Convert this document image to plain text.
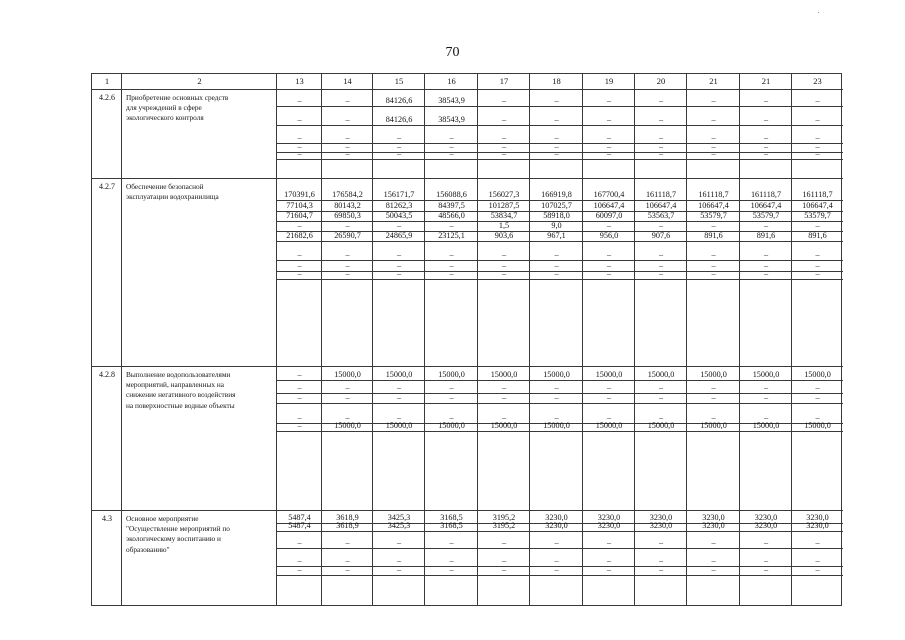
70
1	2	13	14	15	16	17	18	19	20	21	21	23
4.2.6	Приобретение основных средств
для учреждений в сфере
экологического контроля
–	–	84126,6	38543,9	–	–	–	–	–	–	–
–	–	84126,6	38543,9	–	–	–	–	–	–	–
–	–	–	–	–	–	–	–	–	–	–
–	–	–	–	–	–	–	–	–	–	–
–	–	–	–	–	–	–	–	–	–	–
4.2.7	Обеспечение безопасной
эксплуатации водохранилища	170391,6	176584,2	156171,7	156088,6	156027,3	166919,8	167700,4	161118,7	161118,7	161118,7	161118,7
77104,3	80143,2	81262,3	84397,5	101287,5	107025,7	106647,4	106647,4	106647,4	106647,4	106647,4
71604,7	69850,3	50043,5	48566,0	53834,7	58918,0	60097,0	53563,7	53579,7	53579,7	53579,7
–	–	–	–	1,5	9,0	–	–	–	–	–
21682,6	26590,7	24865,9	23125,1	903,6	967,1	956,0	907,6	891,6	891,6	891,6
–	–	–	–	–	–	–	–	–	–	–
–	–	–	–	–	–	–	–	–	–	–
–	–	–	–	–	–	–	–	–	–	–
4.2.8	Выполнение водопользователями
мероприятий, направленных на
снижение негативного воздействия
на поверхностные водные объекты
–	15000,0	15000,0	15000,0	15000,0	15000,0	15000,0	15000,0	15000,0	15000,0	15000,0
–	–	–	–	–	–	–	–	–	–	–
–	–	–	–	–	–	–	–	–	–	–
–	–	–	–	–	–	–	–	–	–	–
–	15000,0	15000,0	15000,0	15000,0	15000,0	15000,0	15000,0	15000,0	15000,0	15000,0
4.3	Основное мероприятие
"Осуществление мероприятий по
экологическому воспитанию и
образованию"
5487,4	3618,9	3425,3	3168,5	3195,2	3230,0	3230,0	3230,0	3230,0	3230,0	3230,0
5487,4	3618,9	3425,3	3168,5	3195,2	3230,0	3230,0	3230,0	3230,0	3230,0	3230,0
–	–	–	–	–	–	–	–	–	–	–
–	–	–	–	–	–	–	–	–	–	–
–	–	–	–	–	–	–	–	–	–	–
